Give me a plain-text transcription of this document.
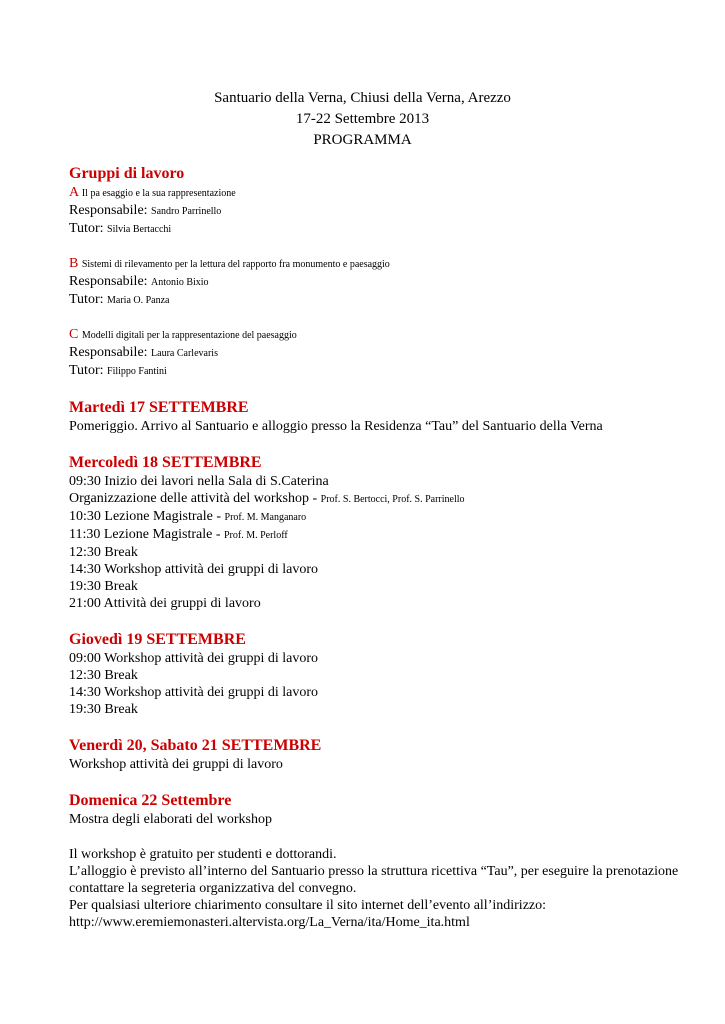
Santuario della Verna, Chiusi della Verna, Arezzo
17-22 Settembre 2013
PROGRAMMA
Gruppi di lavoro
A Il pa esaggio e la sua rappresentazione
Responsabile: Sandro Parrinello
Tutor: Silvia Bertacchi
B Sistemi di rilevamento per la lettura del rapporto fra monumento e paesaggio
Responsabile: Antonio Bixio
Tutor: Maria O. Panza
C Modelli digitali per la rappresentazione del paesaggio
Responsabile: Laura Carlevaris
Tutor: Filippo Fantini
Martedì 17 SETTEMBRE
Pomeriggio. Arrivo al Santuario e alloggio presso la Residenza “Tau” del Santuario della Verna
Mercoledì 18 SETTEMBRE
09:30 Inizio dei lavori nella Sala di S.Caterina
Organizzazione delle attività del workshop - Prof. S. Bertocci, Prof. S. Parrinello
10:30 Lezione Magistrale - Prof. M. Manganaro
11:30 Lezione Magistrale - Prof. M. Perloff
12:30 Break
14:30 Workshop attività dei gruppi di lavoro
19:30 Break
21:00 Attività dei gruppi di lavoro
Giovedì 19 SETTEMBRE
09:00 Workshop attività dei gruppi di lavoro
12:30 Break
14:30 Workshop attività dei gruppi di lavoro
19:30 Break
Venerdì 20, Sabato 21 SETTEMBRE
Workshop attività dei gruppi di lavoro
Domenica 22 Settembre
Mostra degli elaborati del workshop
Il workshop è gratuito per studenti e dottorandi.
L’alloggio è previsto all’interno del Santuario presso la struttura ricettiva “Tau”, per eseguire la prenotazione contattare la segreteria organizzativa del convegno.
Per qualsiasi ulteriore chiarimento consultare il sito internet dell’evento all’indirizzo:
http://www.eremiemonasteri.altervista.org/La_Verna/ita/Home_ita.html
